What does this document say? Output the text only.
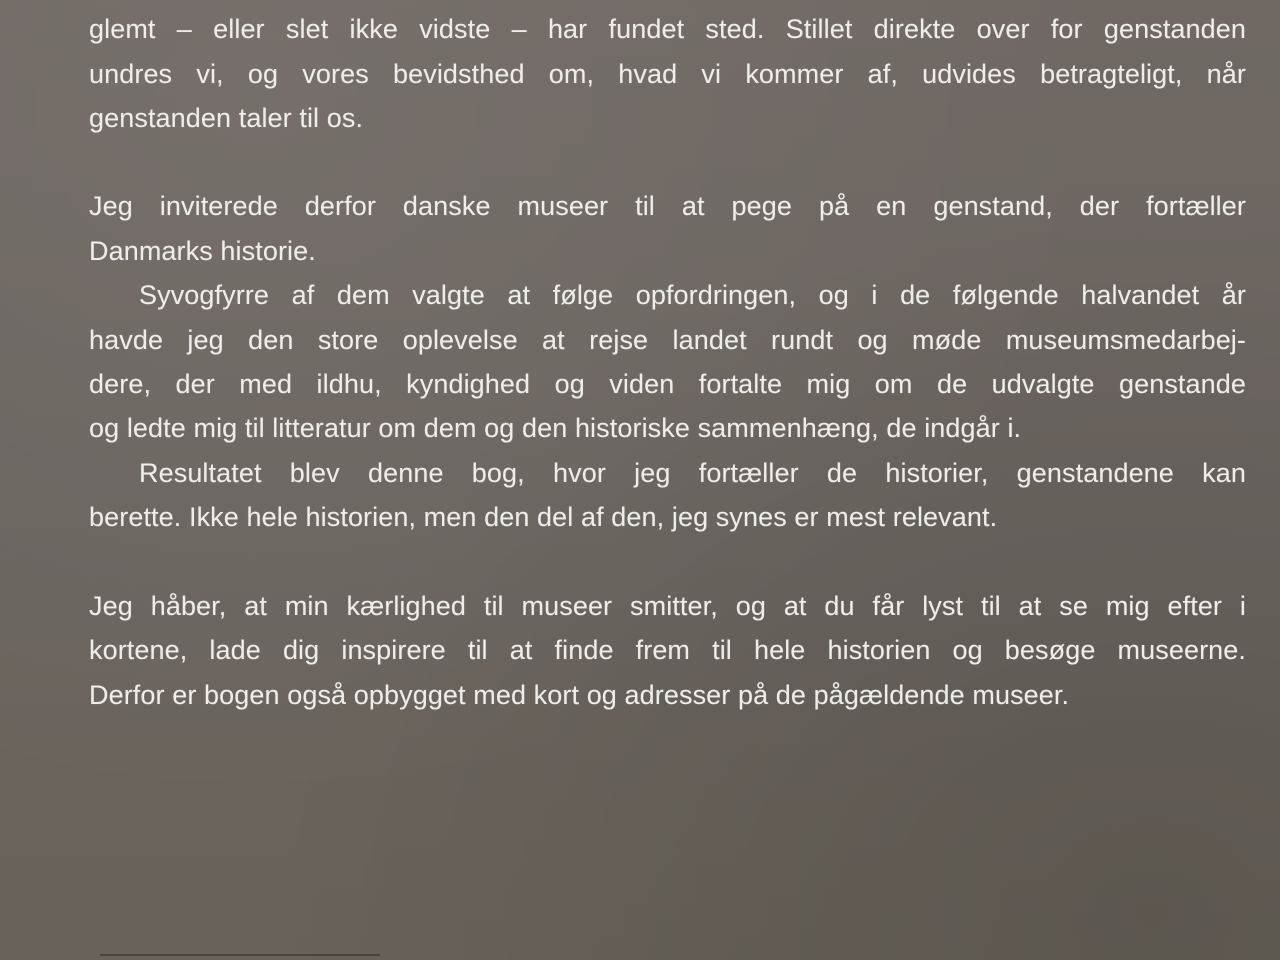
glemt – eller slet ikke vidste – har fundet sted. Stillet direkte over for genstanden
undres vi, og vores bevidsthed om, hvad vi kommer af, udvides betragteligt, når
genstanden taler til os.
Jeg inviterede derfor danske museer til at pege på en genstand, der fortæller
Danmarks historie.
Syvogfyrre af dem valgte at følge opfordringen, og i de følgende halvandet år
havde jeg den store oplevelse at rejse landet rundt og møde museumsmedarbej-
dere, der med ildhu, kyndighed og viden fortalte mig om de udvalgte genstande
og ledte mig til litteratur om dem og den historiske sammenhæng, de indgår i.
Resultatet blev denne bog, hvor jeg fortæller de historier, genstandene kan
berette. Ikke hele historien, men den del af den, jeg synes er mest relevant.
Jeg håber, at min kærlighed til museer smitter, og at du får lyst til at se mig efter i
kortene, lade dig inspirere til at finde frem til hele historien og besøge museerne.
Derfor er bogen også opbygget med kort og adresser på de pågældende museer.
